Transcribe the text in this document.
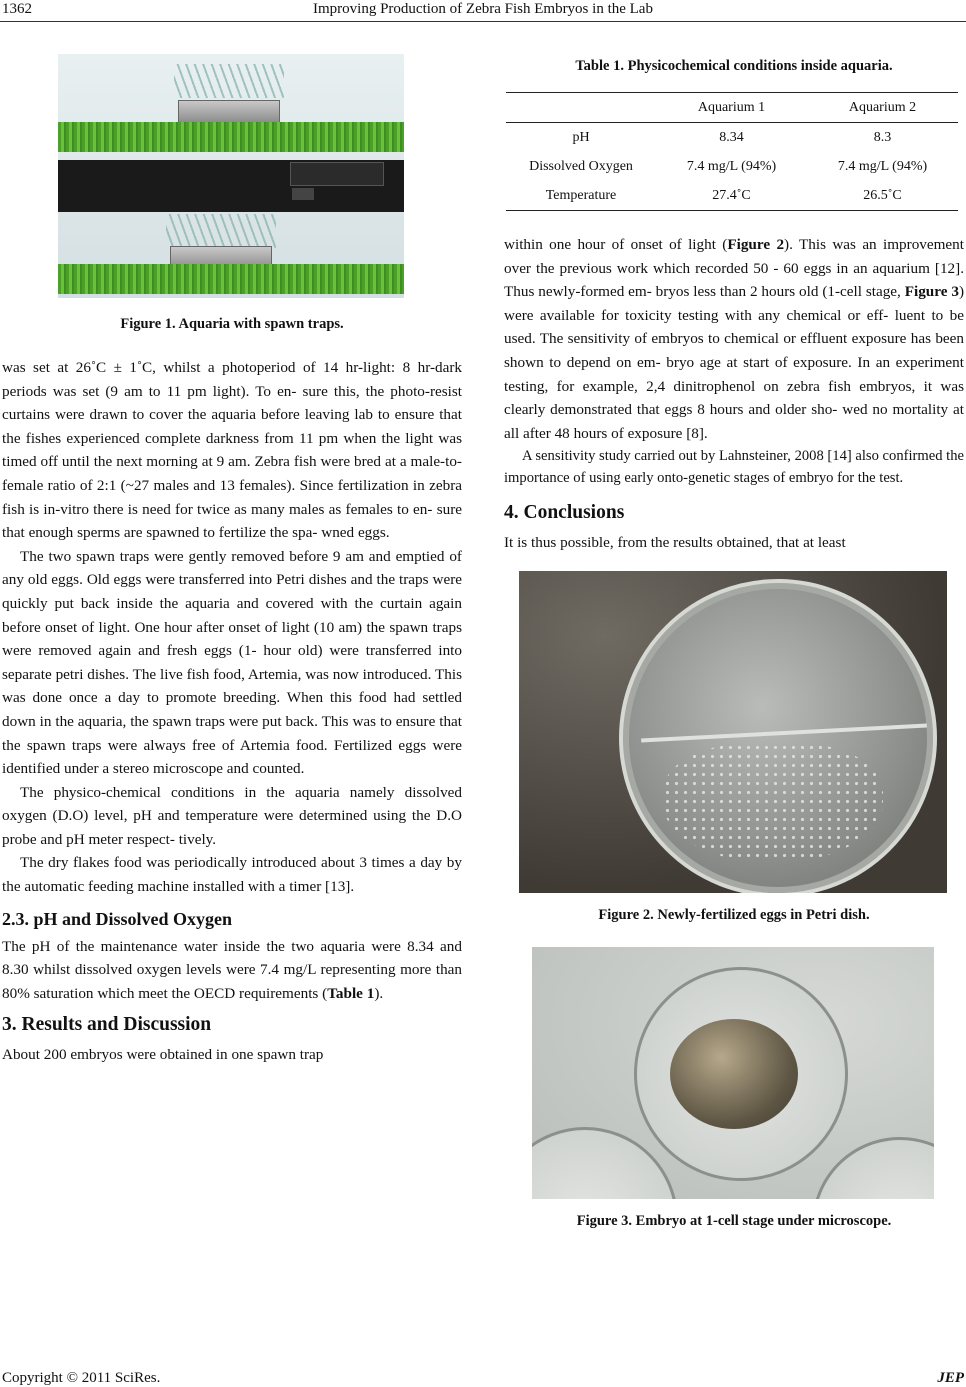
1362	Improving Production of Zebra Fish Embryos in the Lab
Figure 1. Aquaria with spawn traps.

was set at 26˚C ± 1˚C, whilst a photoperiod of 14 hr-light: 8 hr-dark periods was set (9 am to 11 pm light). To en- sure this, the photo-resist curtains were drawn to cover the aquaria before leaving lab to ensure that the fishes experienced complete darkness from 11 pm when the light was timed off until the next morning at 9 am. Zebra fish were bred at a male-to-female ratio of 2:1 (~27 males and 13 females). Since fertilization in zebra fish is in-vitro there is need for twice as many males as females to en- sure that enough sperms are spawned to fertilize the spa- wned eggs.

The two spawn traps were gently removed before 9 am and emptied of any old eggs. Old eggs were transferred into Petri dishes and the traps were quickly put back inside the aquaria and covered with the curtain again before onset of light. One hour after onset of light (10 am) the spawn traps were removed again and fresh eggs (1- hour old) were transferred into separate petri dishes. The live fish food, Artemia, was now introduced. This was done once a day to promote breeding. When this food had settled down in the aquaria, the spawn traps were put back. This was to ensure that the spawn traps were always free of Artemia food. Fertilized eggs were identified under a stereo microscope and counted.

The physico-chemical conditions in the aquaria namely dissolved oxygen (D.O) level, pH and temperature were determined using the D.O probe and pH meter respect- tively.

The dry flakes food was periodically introduced about 3 times a day by the automatic feeding machine installed with a timer [13].

2.3. pH and Dissolved Oxygen

The pH of the maintenance water inside the two aquaria were 8.34 and 8.30 whilst dissolved oxygen levels were 7.4 mg/L representing more than 80% saturation which meet the OECD requirements (Table 1).

3. Results and Discussion

About 200 embryos were obtained in one spawn trap

Table 1. Physicochemical conditions inside aquaria.
	Aquarium 1	Aquarium 2
pH	8.34	8.3
Dissolved Oxygen	7.4 mg/L (94%)	7.4 mg/L (94%)
Temperature	27.4˚C	26.5˚C

within one hour of onset of light (Figure 2). This was an improvement over the previous work which recorded 50 - 60 eggs in an aquarium [12]. Thus newly-formed em- bryos less than 2 hours old (1-cell stage, Figure 3) were available for toxicity testing with any chemical or eff- luent to be used. The sensitivity of embryos to chemical or effluent exposure has been shown to depend on em- bryo age at start of exposure. In an experiment testing, for example, 2,4 dinitrophenol on zebra fish embryos, it was clearly demonstrated that eggs 8 hours and older sho- wed no mortality at all after 48 hours of exposure [8].

A sensitivity study carried out by Lahnsteiner, 2008 [14] also confirmed the importance of using early onto-genetic stages of embryo for the test.

4. Conclusions

It is thus possible, from the results obtained, that at least

Figure 2. Newly-fertilized eggs in Petri dish.
Figure 3. Embryo at 1-cell stage under microscope.
Copyright © 2011 SciRes.	JEP
